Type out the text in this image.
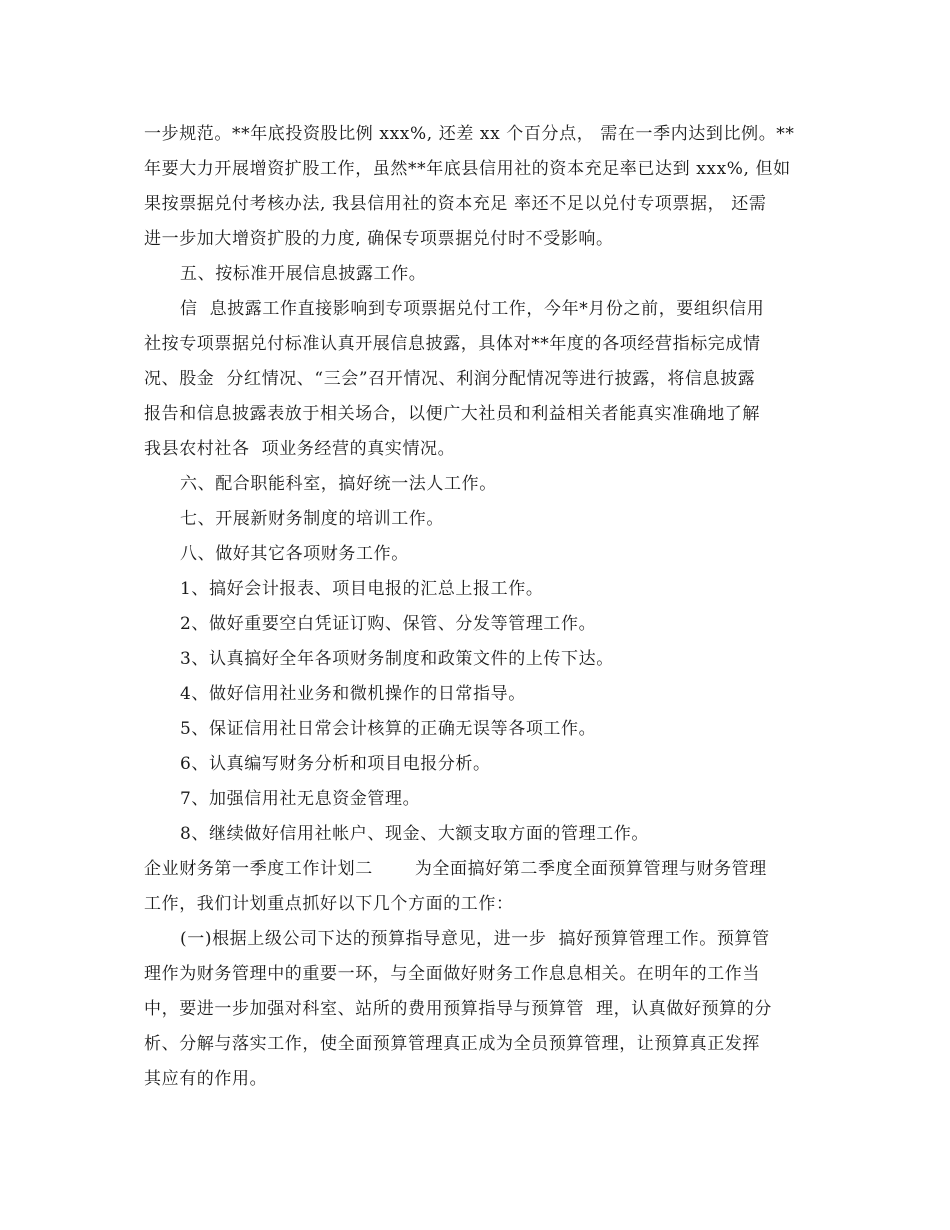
一步规范。**年底投资股比例 xxx%, 还差 xx 个百分点， 需在一季内达到比例。**
年要大力开展增资扩股工作，虽然**年底县信用社的资本充足率已达到 xxx%, 但如
果按票据兑付考核办法, 我县信用社的资本充足 率还不足以兑付专项票据， 还需
进一步加大增资扩股的力度, 确保专项票据兑付时不受影响。
五、按标准开展信息披露工作。
信  息披露工作直接影响到专项票据兑付工作，今年*月份之前，要组织信用
社按专项票据兑付标准认真开展信息披露，具体对**年度的各项经营指标完成情
况、股金  分红情况、“三会”召开情况、利润分配情况等进行披露，将信息披露
报告和信息披露表放于相关场合，以便广大社员和利益相关者能真实准确地了解
我县农村社各  项业务经营的真实情况。
六、配合职能科室，搞好统一法人工作。
七、开展新财务制度的培训工作。
八、做好其它各项财务工作。
1、搞好会计报表、项目电报的汇总上报工作。
2、做好重要空白凭证订购、保管、分发等管理工作。
3、认真搞好全年各项财务制度和政策文件的上传下达。
4、做好信用社业务和微机操作的日常指导。
5、保证信用社日常会计核算的正确无误等各项工作。
6、认真编写财务分析和项目电报分析。
7、加强信用社无息资金管理。
8、继续做好信用社帐户、现金、大额支取方面的管理工作。
企业财务第一季度工作计划二       为全面搞好第二季度全面预算管理与财务管理
工作，我们计划重点抓好以下几个方面的工作：
(一)根据上级公司下达的预算指导意见，进一步  搞好预算管理工作。预算管
理作为财务管理中的重要一环，与全面做好财务工作息息相关。在明年的工作当
中，要进一步加强对科室、站所的费用预算指导与预算管  理，认真做好预算的分
析、分解与落实工作，使全面预算管理真正成为全员预算管理，让预算真正发挥
其应有的作用。
